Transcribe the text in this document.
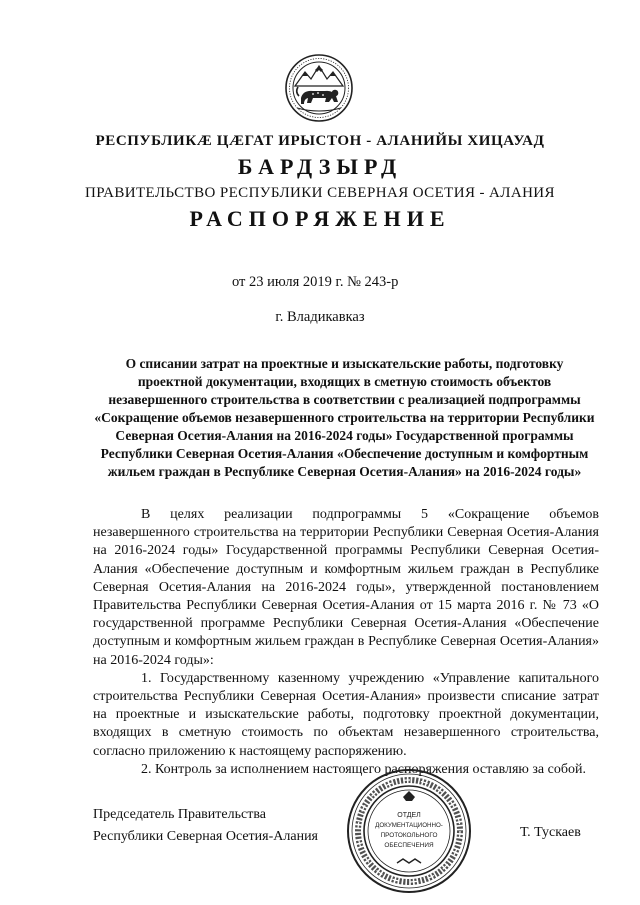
РЕСПУБЛИКӔ ЦӔГАТ ИРЫСТОН - АЛАНИЙЫ ХИЦАУАД
БАРДЗЫРД
ПРАВИТЕЛЬСТВО РЕСПУБЛИКИ СЕВЕРНАЯ ОСЕТИЯ - АЛАНИЯ
РАСПОРЯЖЕНИЕ
от 23 июля 2019 г. № 243-р
г. Владикавказ
О списании затрат на проектные и изыскательские работы, подготовку проектной документации, входящих в сметную стоимость объектов незавершенного строительства в соответствии с реализацией подпрограммы «Сокращение объемов незавершенного строительства на территории Республики Северная Осетия-Алания на 2016-2024 годы» Государственной программы Республики Северная Осетия-Алания «Обеспечение доступным и комфортным жильем граждан в Республике Северная Осетия-Алания» на 2016-2024 годы»

В целях реализации подпрограммы 5 «Сокращение объемов незавершенного строительства на территории Республики Северная Осетия-Алания на 2016-2024 годы» Государственной программы Республики Северная Осетия-Алания «Обеспечение доступным и комфортным жильем граждан в Республике Северная Осетия-Алания на 2016-2024 годы», утвержденной постановлением Правительства Республики Северная Осетия-Алания от 15 марта 2016 г. № 73 «О государственной программе Республики Северная Осетия-Алания «Обеспечение доступным и комфортным жильем граждан в Республике Северная Осетия-Алания» на 2016-2024 годы»:

1. Государственному казенному учреждению «Управление капитального строительства Республики Северная Осетия-Алания» произвести списание затрат на проектные и изыскательские работы, подготовку проектной документации, входящих в сметную стоимость по объектам незавершенного строительства, согласно приложению к настоящему распоряжению.

2. Контроль за исполнением настоящего распоряжения оставляю за собой.

Председатель Правительства
Республики Северная Осетия-Алания	Т. Тускаев
ОТДЕЛ
ДОКУМЕНТАЦИОННО-
ПРОТОКОЛЬНОГО
ОБЕСПЕЧЕНИЯ
